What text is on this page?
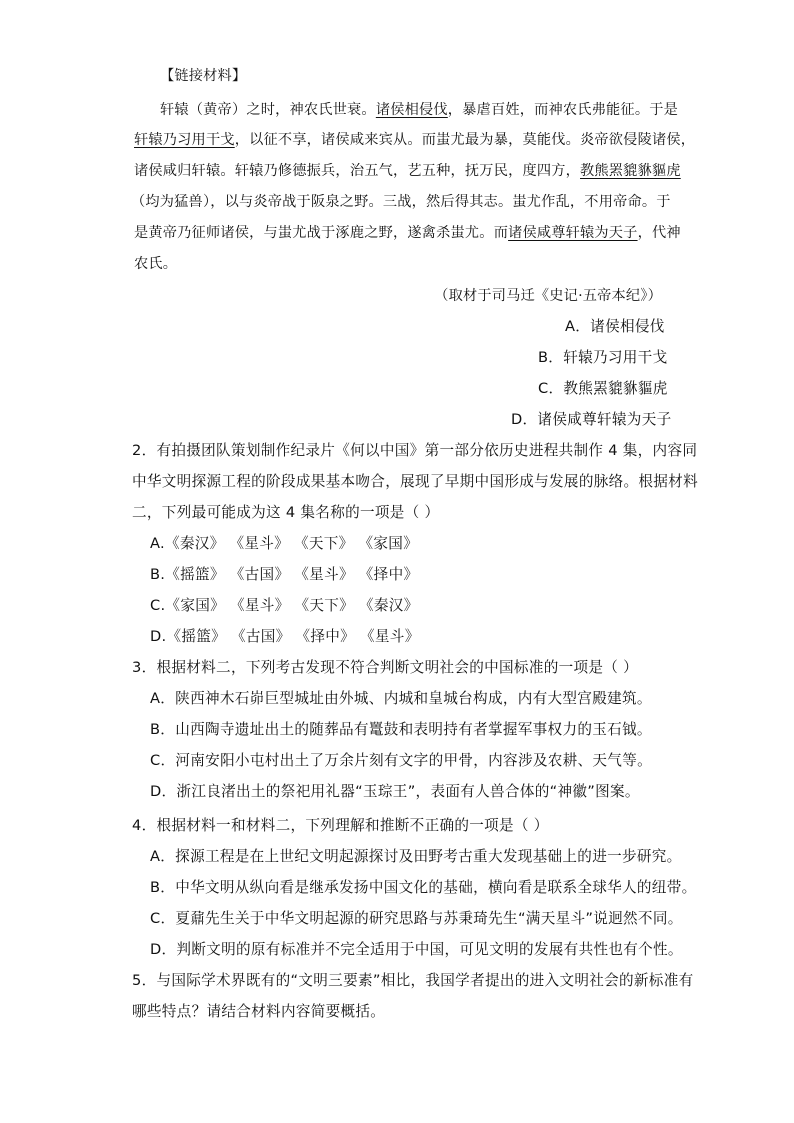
【链接材料】
轩辕（黄帝）之时，神农氏世衰。诸侯相侵伐，暴虐百姓，而神农氏弗能征。于是
轩辕乃习用干戈，以征不享，诸侯咸来宾从。而蚩尤最为暴，莫能伐。炎帝欲侵陵诸侯，
诸侯咸归轩辕。轩辕乃修德振兵，治五气，艺五种，抚万民，度四方，教熊罴貔貅貙虎
（均为猛兽），以与炎帝战于阪泉之野。三战，然后得其志。蚩尤作乱，不用帝命。于
是黄帝乃征师诸侯，与蚩尤战于涿鹿之野，遂禽杀蚩尤。而诸侯咸尊轩辕为天子，代神
农氏。
（取材于司马迁《史记·五帝本纪》）
A．诸侯相侵伐
B．轩辕乃习用干戈
C．教熊罴貔貅貙虎
D．诸侯咸尊轩辕为天子
2．有拍摄团队策划制作纪录片《何以中国》第一部分依历史进程共制作 4 集，内容同
中华文明探源工程的阶段成果基本吻合，展现了早期中国形成与发展的脉络。根据材料
二，下列最可能成为这 4 集名称的一项是（ ）
A.《秦汉》 《星斗》 《天下》 《家国》
B.《摇篮》 《古国》 《星斗》 《择中》
C.《家国》 《星斗》 《天下》 《秦汉》
D.《摇篮》 《古国》 《择中》 《星斗》
3．根据材料二，下列考古发现不符合判断文明社会的中国标准的一项是（ ）
A．陕西神木石峁巨型城址由外城、内城和皇城台构成，内有大型宫殿建筑。
B．山西陶寺遗址出土的随葬品有鼍鼓和表明持有者掌握军事权力的玉石钺。
C．河南安阳小屯村出土了万余片刻有文字的甲骨，内容涉及农耕、天气等。
D．浙江良渚出土的祭祀用礼器“玉琮王”，表面有人兽合体的“神徽”图案。
4．根据材料一和材料二，下列理解和推断不正确的一项是（ ）
A．探源工程是在上世纪文明起源探讨及田野考古重大发现基础上的进一步研究。
B．中华文明从纵向看是继承发扬中国文化的基础，横向看是联系全球华人的纽带。
C．夏鼐先生关于中华文明起源的研究思路与苏秉琦先生“满天星斗”说迥然不同。
D．判断文明的原有标准并不完全适用于中国，可见文明的发展有共性也有个性。
5．与国际学术界既有的“文明三要素”相比，我国学者提出的进入文明社会的新标准有
哪些特点？请结合材料内容简要概括。
